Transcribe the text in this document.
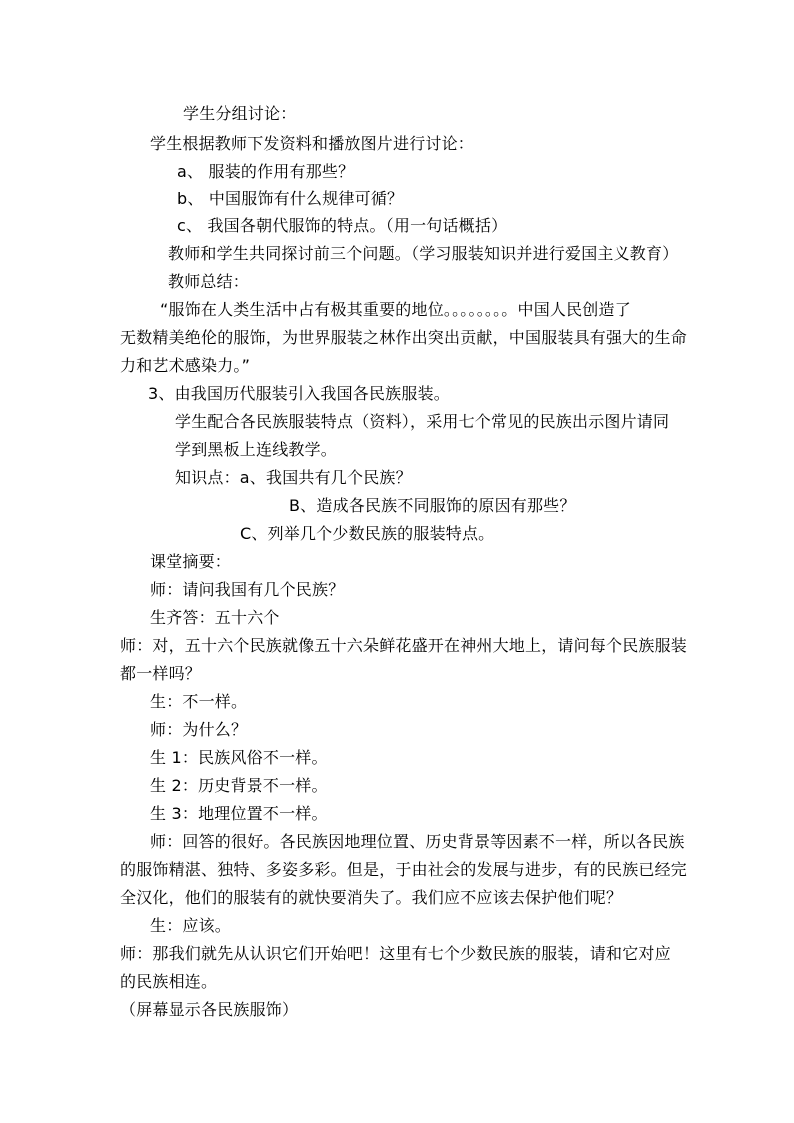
学生分组讨论：
学生根据教师下发资料和播放图片进行讨论：
a、 服装的作用有那些？
b、 中国服饰有什么规律可循？
c、 我国各朝代服饰的特点。（用一句话概括）
教师和学生共同探讨前三个问题。（学习服装知识并进行爱国主义教育）
教师总结：
“服饰在人类生活中占有极其重要的地位。。。。。。。。中国人民创造了
无数精美绝伦的服饰，为世界服装之林作出突出贡献，中国服装具有强大的生命
力和艺术感染力。”
3、由我国历代服装引入我国各民族服装。
学生配合各民族服装特点（资料），采用七个常见的民族出示图片请同
学到黑板上连线教学。
知识点：a、我国共有几个民族？
B、造成各民族不同服饰的原因有那些？
C、列举几个少数民族的服装特点。
课堂摘要：
师：请问我国有几个民族？
生齐答：五十六个
师：对，五十六个民族就像五十六朵鲜花盛开在神州大地上，请问每个民族服装
都一样吗？
生：不一样。
师：为什么？
生 1：民族风俗不一样。
生 2：历史背景不一样。
生 3：地理位置不一样。
师：回答的很好。各民族因地理位置、历史背景等因素不一样，所以各民族
的服饰精湛、独特、多姿多彩。但是，于由社会的发展与进步，有的民族已经完
全汉化，他们的服装有的就快要消失了。我们应不应该去保护他们呢？
生：应该。
师：那我们就先从认识它们开始吧！这里有七个少数民族的服装，请和它对应
的民族相连。
（屏幕显示各民族服饰）
